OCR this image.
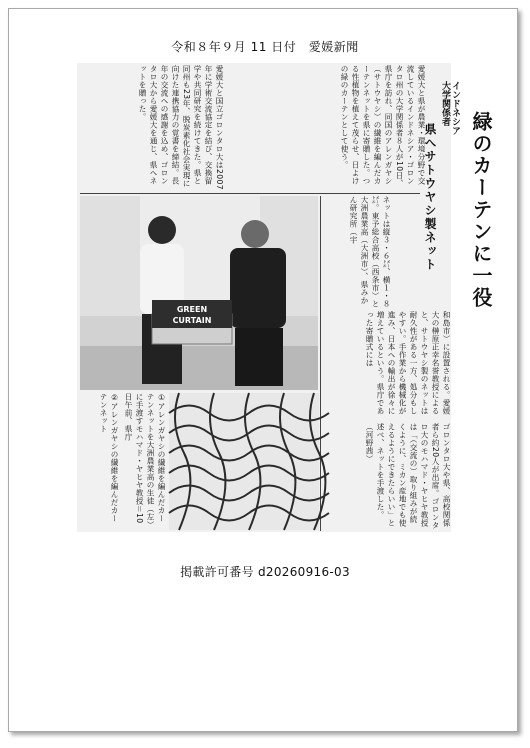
令和８年９月 11 日付　愛媛新聞
インドネシア
大学関係者
緑のカーテンに一役
県へサトウヤシ製ネット
愛媛大と県が農業・環境分野で交流しているインドネシア・ゴロンタロ州の大学関係者８人が10日、県庁を訪れ、同国のアレンガヤシ（サトウヤシ）の繊維を編んだカーテンネットを県に寄贈した。つる性植物を植えて茂らせ、日よけの緑のカーテンとして使う。
愛媛大と国立ゴロンタロ大は2007年に学術交流協定を結び、交換留学や共同研究を続けてきた。県と同州も23年、脱炭素化社会実現に向けた連携協力の覚書を締結。長年の交流への感謝を込め、ゴロンタロ大から愛媛大を通じ、県へネットを贈った。
ネットは縦３・６㍍、横１・８㍍。東予総合高校（西条市）と大洲農業高（大洲市）、県みかん研究所（宇
和島市）に設置される。愛媛大の榊原正幸名誉教授によると、サトウヤシ製のネットは耐久性がある一方、処分もしやすい。手作業から機械化が進み、日本への輸出が徐々に増えているという。県庁であった寄贈式には
ゴロンタロ大や県、高校関係者ら約20人が出席。ゴロンタロ大のモハマド・ヤヒヤ教授は「（交流の）取り組みが続くように、ミカン産地でも使えるようにできたらいい」と述べ、ネットを手渡した。（河野茜）
GREEN
CURTAIN
①アレンガヤシの繊維を編んだカーテンネットを大洲農業高の生徒（左）に手渡すモハマド・ヤヒヤ教授＝10日午前、県庁
②アレンガヤシの繊維を編んだカーテンネット
掲載許可番号 d20260916-03
